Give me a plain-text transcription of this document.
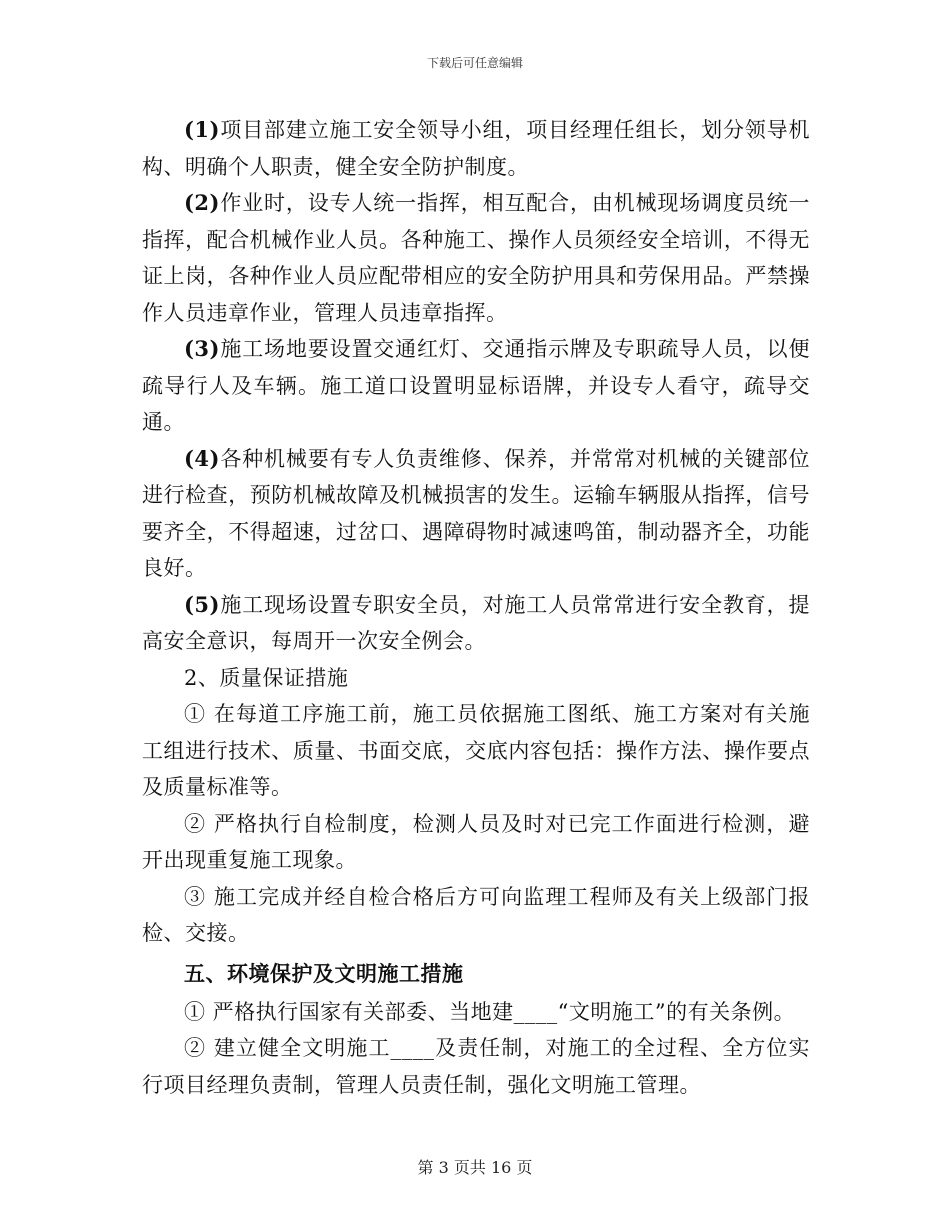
下载后可任意编辑

(1)项目部建立施工安全领导小组，项目经理任组长，划分领导机构、明确个人职责，健全安全防护制度。

(2)作业时，设专人统一指挥，相互配合，由机械现场调度员统一指挥，配合机械作业人员。各种施工、操作人员须经安全培训，不得无证上岗，各种作业人员应配带相应的安全防护用具和劳保用品。严禁操作人员违章作业，管理人员违章指挥。

(3)施工场地要设置交通红灯、交通指示牌及专职疏导人员，以便疏导行人及车辆。施工道口设置明显标语牌，并设专人看守，疏导交通。

(4)各种机械要有专人负责维修、保养，并常常对机械的关键部位进行检查，预防机械故障及机械损害的发生。运输车辆服从指挥，信号要齐全，不得超速，过岔口、遇障碍物时减速鸣笛，制动器齐全，功能良好。

(5)施工现场设置专职安全员，对施工人员常常进行安全教育，提高安全意识，每周开一次安全例会。

2、质量保证措施

① 在每道工序施工前，施工员依据施工图纸、施工方案对有关施工组进行技术、质量、书面交底，交底内容包括：操作方法、操作要点及质量标准等。

② 严格执行自检制度，检测人员及时对已完工作面进行检测，避开出现重复施工现象。

③ 施工完成并经自检合格后方可向监理工程师及有关上级部门报检、交接。

五、环境保护及文明施工措施

① 严格执行国家有关部委、当地建____“文明施工”的有关条例。

② 建立健全文明施工____及责任制，对施工的全过程、全方位实行项目经理负责制，管理人员责任制，强化文明施工管理。

第 3 页共 16 页
